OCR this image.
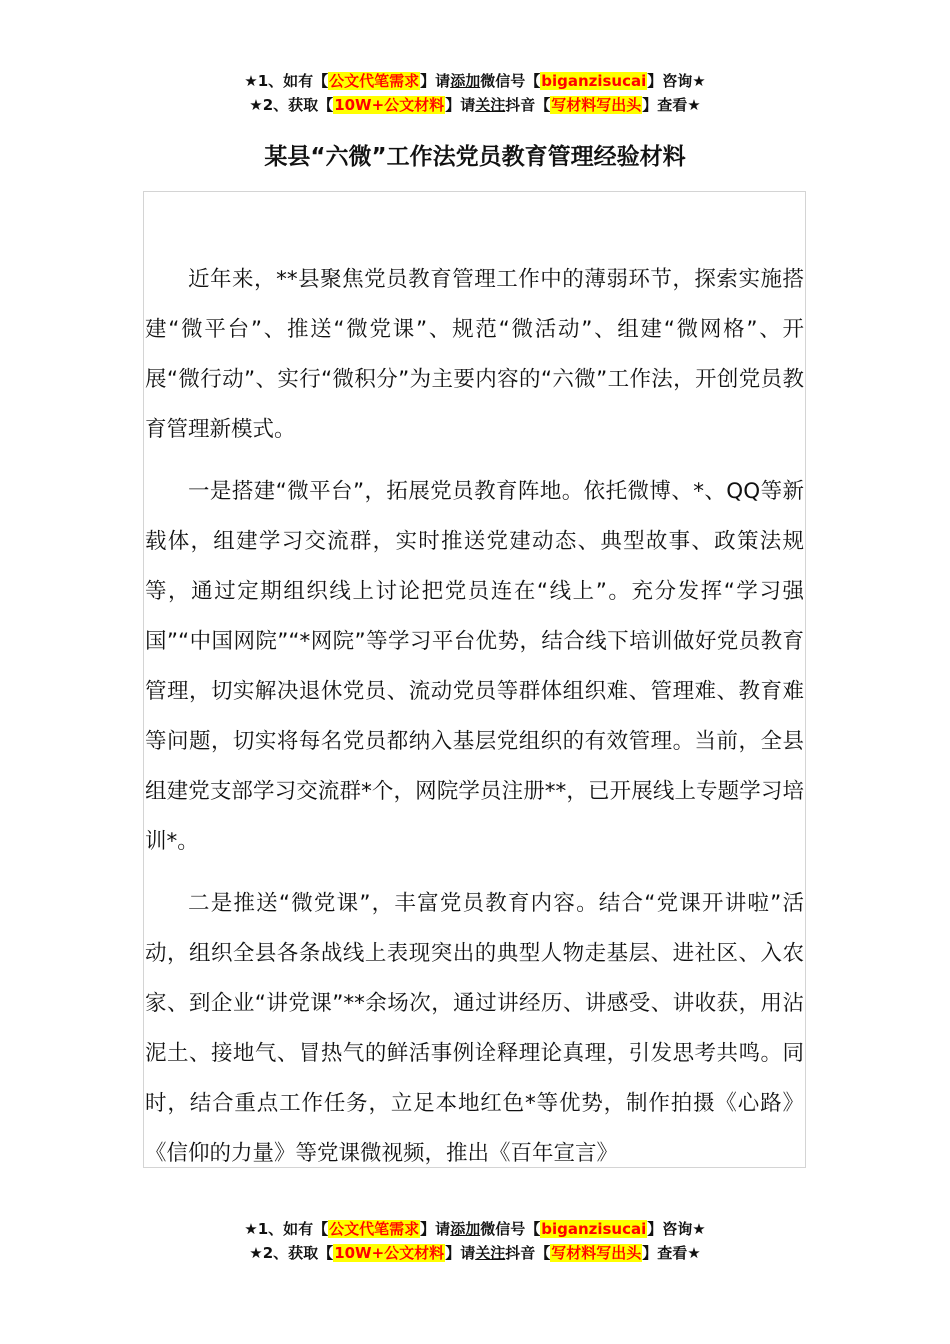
★1、如有【公文代笔需求】请添加微信号【biganzisucai】咨询★
★2、获取【10W+公文材料】请关注抖音【写材料写出头】查看★
某县“六微”工作法党员教育管理经验材料

近年来，**县聚焦党员教育管理工作中的薄弱环节，探索实施搭建“微平台”、推送“微党课”、规范“微活动”、组建“微网格”、开展“微行动”、实行“微积分”为主要内容的“六微”工作法，开创党员教育管理新模式。

一是搭建“微平台”，拓展党员教育阵地。依托微博、*、QQ等新载体，组建学习交流群，实时推送党建动态、典型故事、政策法规等，通过定期组织线上讨论把党员连在“线上”。充分发挥“学习强国”“中国网院”“*网院”等学习平台优势，结合线下培训做好党员教育管理，切实解决退休党员、流动党员等群体组织难、管理难、教育难等问题，切实将每名党员都纳入基层党组织的有效管理。当前，全县组建党支部学习交流群*个，网院学员注册**，已开展线上专题学习培训*。

二是推送“微党课”，丰富党员教育内容。结合“党课开讲啦”活动，组织全县各条战线上表现突出的典型人物走基层、进社区、入农家、到企业“讲党课”**余场次，通过讲经历、讲感受、讲收获，用沾泥土、接地气、冒热气的鲜活事例诠释理论真理，引发思考共鸣。同时，结合重点工作任务，立足本地红色*等优势，制作拍摄《心路》《信仰的力量》等党课微视频，推出《百年宣言》

★1、如有【公文代笔需求】请添加微信号【biganzisucai】咨询★
★2、获取【10W+公文材料】请关注抖音【写材料写出头】查看★
